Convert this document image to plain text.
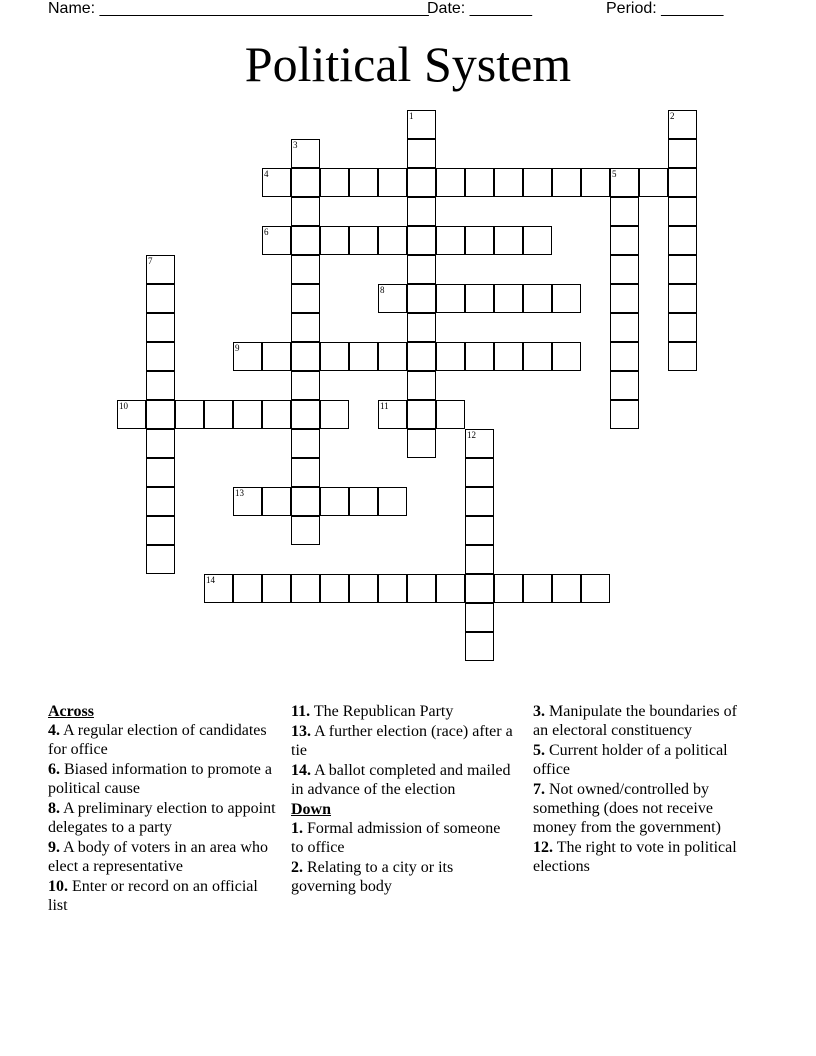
Name: _____________________________________
Date: _______	Period: _______
Political System
1	2
3
4	5
6
7
8
9
10	11
12
13
14

Across

4. A regular election of candidates for office

6. Biased information to promote a political cause

8. A preliminary election to appoint delegates to a party

9. A body of voters in an area who elect a representative

10. Enter or record on an official list

11. The Republican Party

13. A further election (race) after a tie

14. A ballot completed and mailed in advance of the election

Down

1. Formal admission of someone to office

2. Relating to a city or its governing body

3. Manipulate the boundaries of an electoral constituency

5. Current holder of a political office

7. Not owned/controlled by something (does not receive money from the government)

12. The right to vote in political elections
